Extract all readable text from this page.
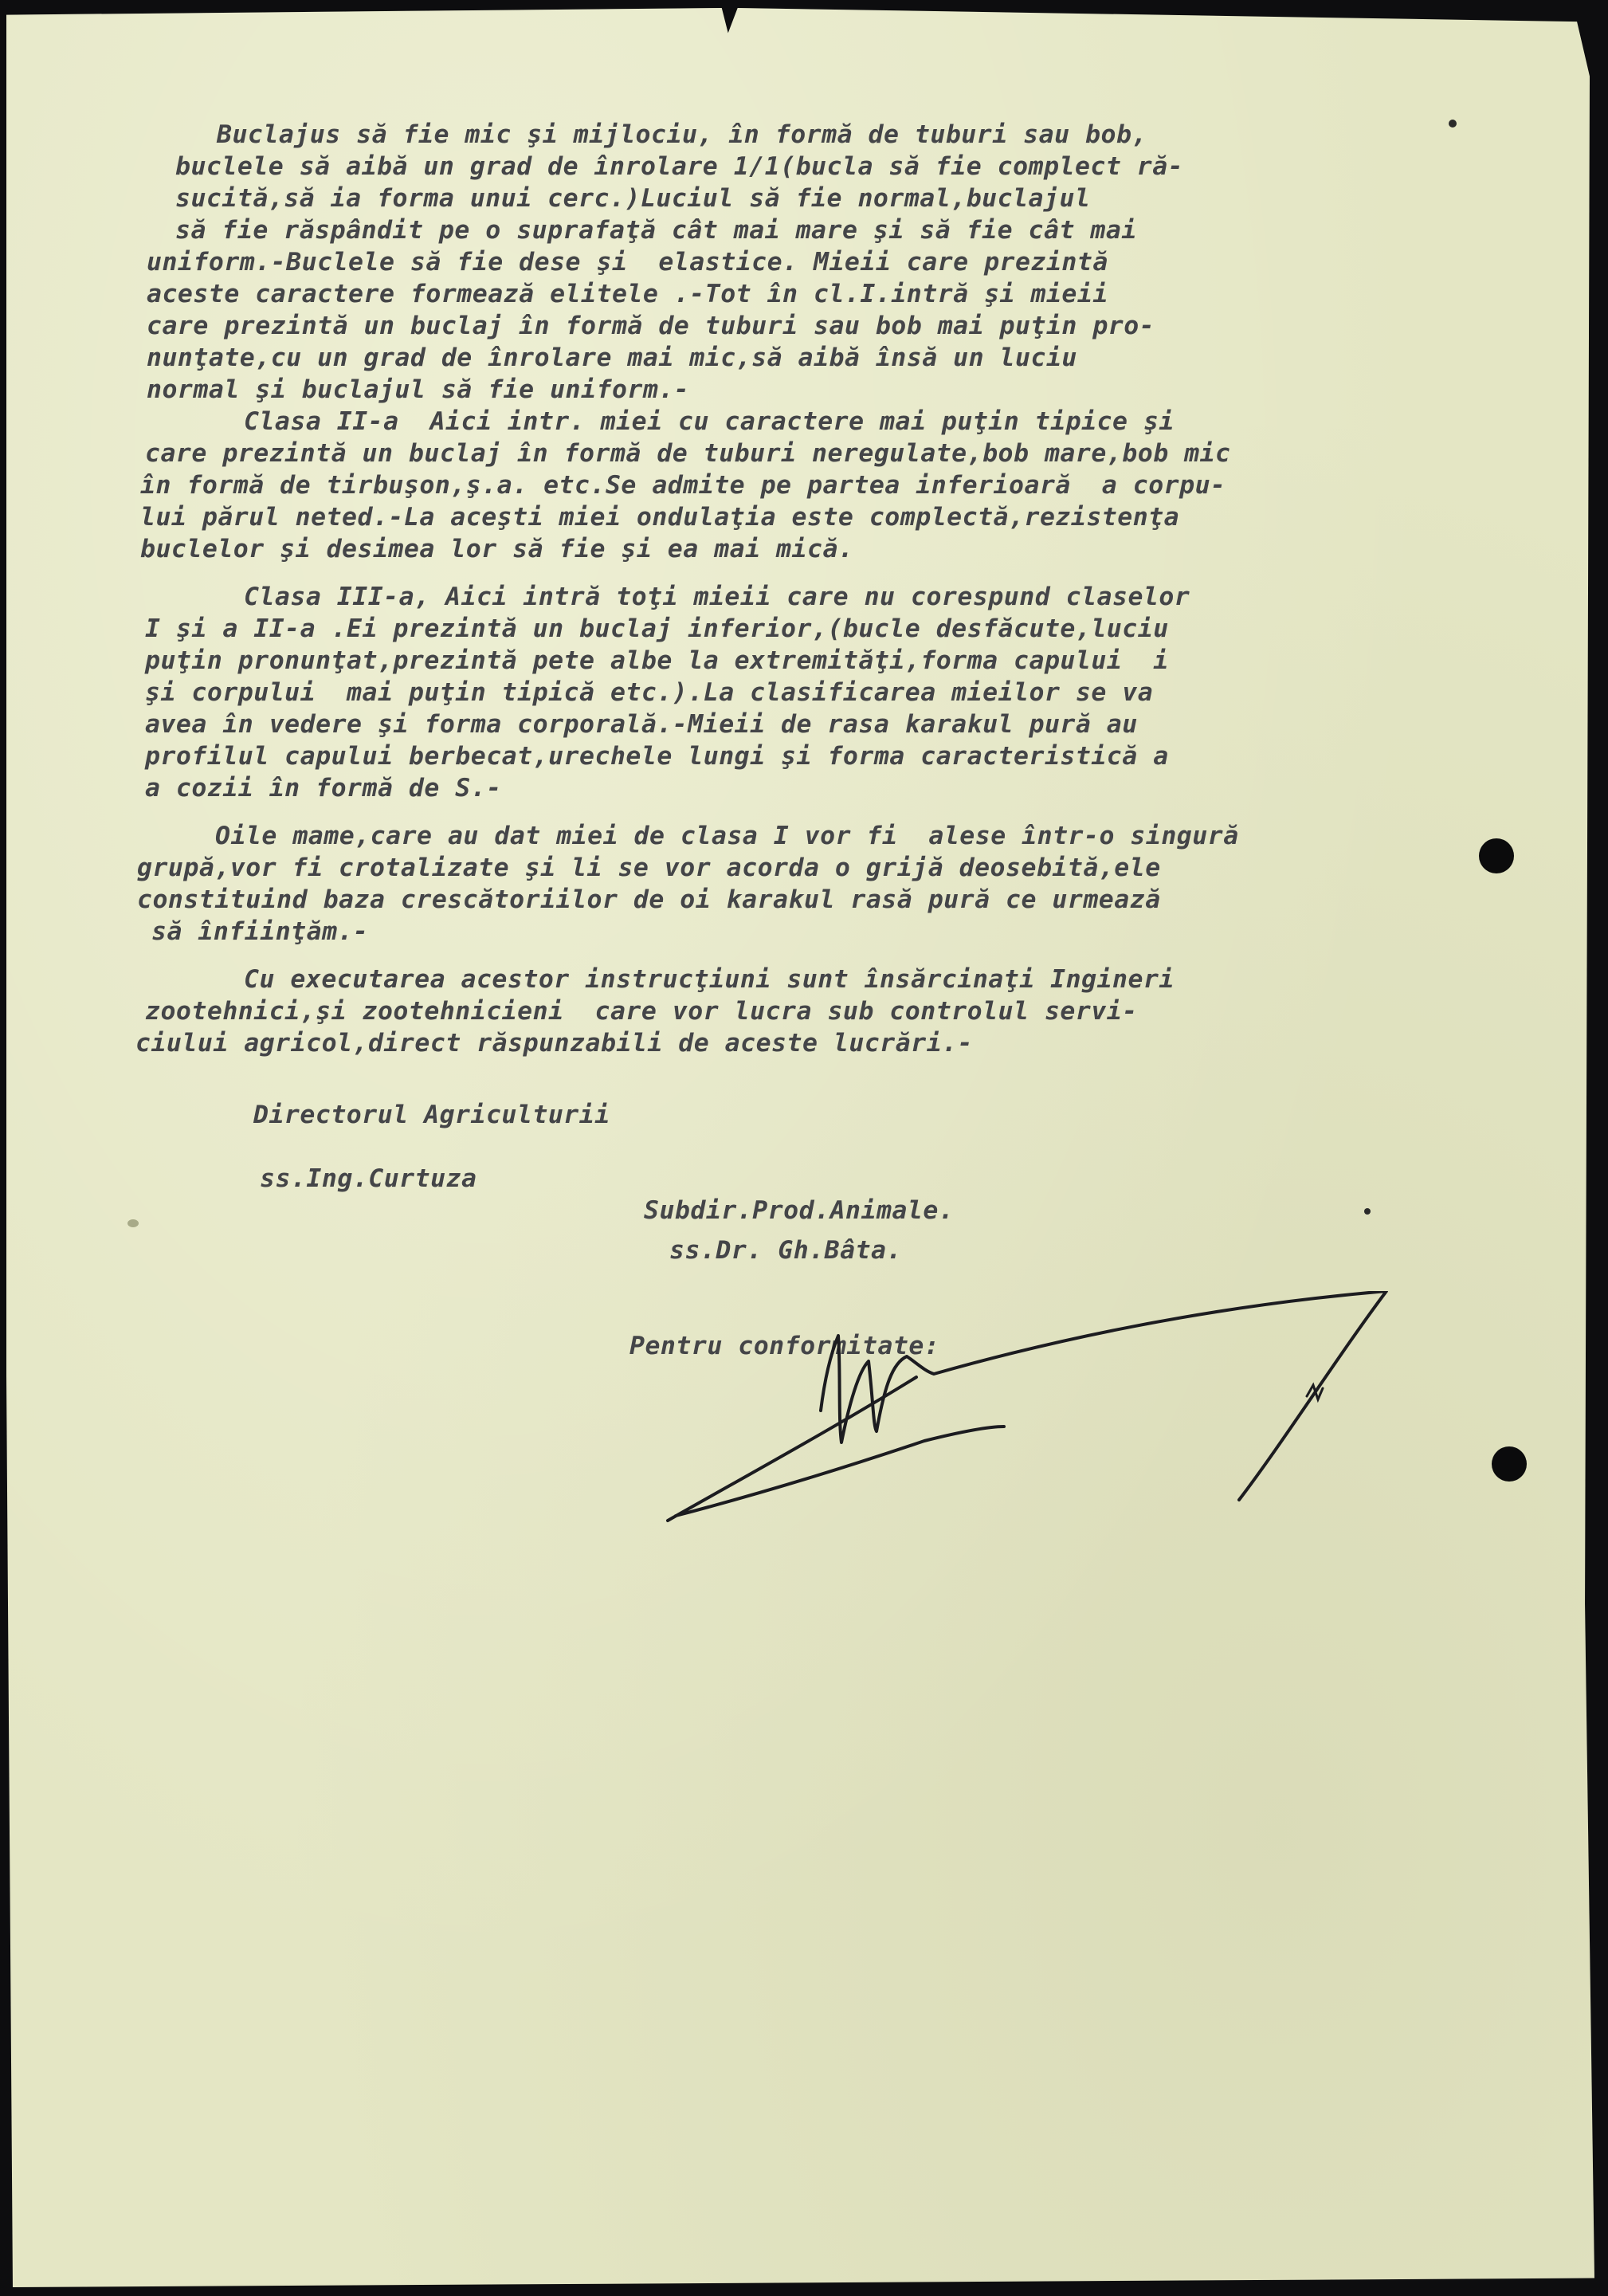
Buclajus să fie mic şi mijlociu, în formă de tuburi sau bob,
buclele să aibă un grad de înrolare 1/1(bucla să fie complect ră-
sucită,să ia forma unui cerc.)Luciul să fie normal,buclajul
să fie răspândit pe o suprafaţă cât mai mare şi să fie cât mai
uniform.-Buclele să fie dese şi  elastice. Mieii care prezintă
aceste caractere formează elitele .-Tot în cl.I.intră şi mieii
care prezintă un buclaj în formă de tuburi sau bob mai puţin pro-
nunţate,cu un grad de înrolare mai mic,să aibă însă un luciu
normal şi buclajul să fie uniform.-
Clasa II-a  Aici intr. miei cu caractere mai puţin tipice şi
care prezintă un buclaj în formă de tuburi neregulate,bob mare,bob mic
în formă de tirbuşon,ş.a. etc.Se admite pe partea inferioară  a corpu-
lui părul neted.-La aceşti miei ondulaţia este complectă,rezistenţa
buclelor şi desimea lor să fie şi ea mai mică.
Clasa III-a, Aici intră toţi mieii care nu corespund claselor
I şi a II-a .Ei prezintă un buclaj inferior,(bucle desfăcute,luciu
puţin pronunţat,prezintă pete albe la extremităţi,forma capului  i
şi corpului  mai puţin tipică etc.).La clasificarea mieilor se va
avea în vedere şi forma corporală.-Mieii de rasa karakul pură au
profilul capului berbecat,urechele lungi şi forma caracteristică a
a cozii în formă de S.-
Oile mame,care au dat miei de clasa I vor fi  alese într-o singură
grupă,vor fi crotalizate şi li se vor acorda o grijă deosebită,ele
constituind baza crescătoriilor de oi karakul rasă pură ce urmează
să înfiinţăm.-
Cu executarea acestor instrucţiuni sunt însărcinaţi Ingineri
zootehnici,şi zootehnicieni  care vor lucra sub controlul servi-
ciului agricol,direct răspunzabili de aceste lucrări.-
Directorul Agriculturii
ss.Ing.Curtuza
Subdir.Prod.Animale.
ss.Dr. Gh.Bâta.
Pentru conformitate:
